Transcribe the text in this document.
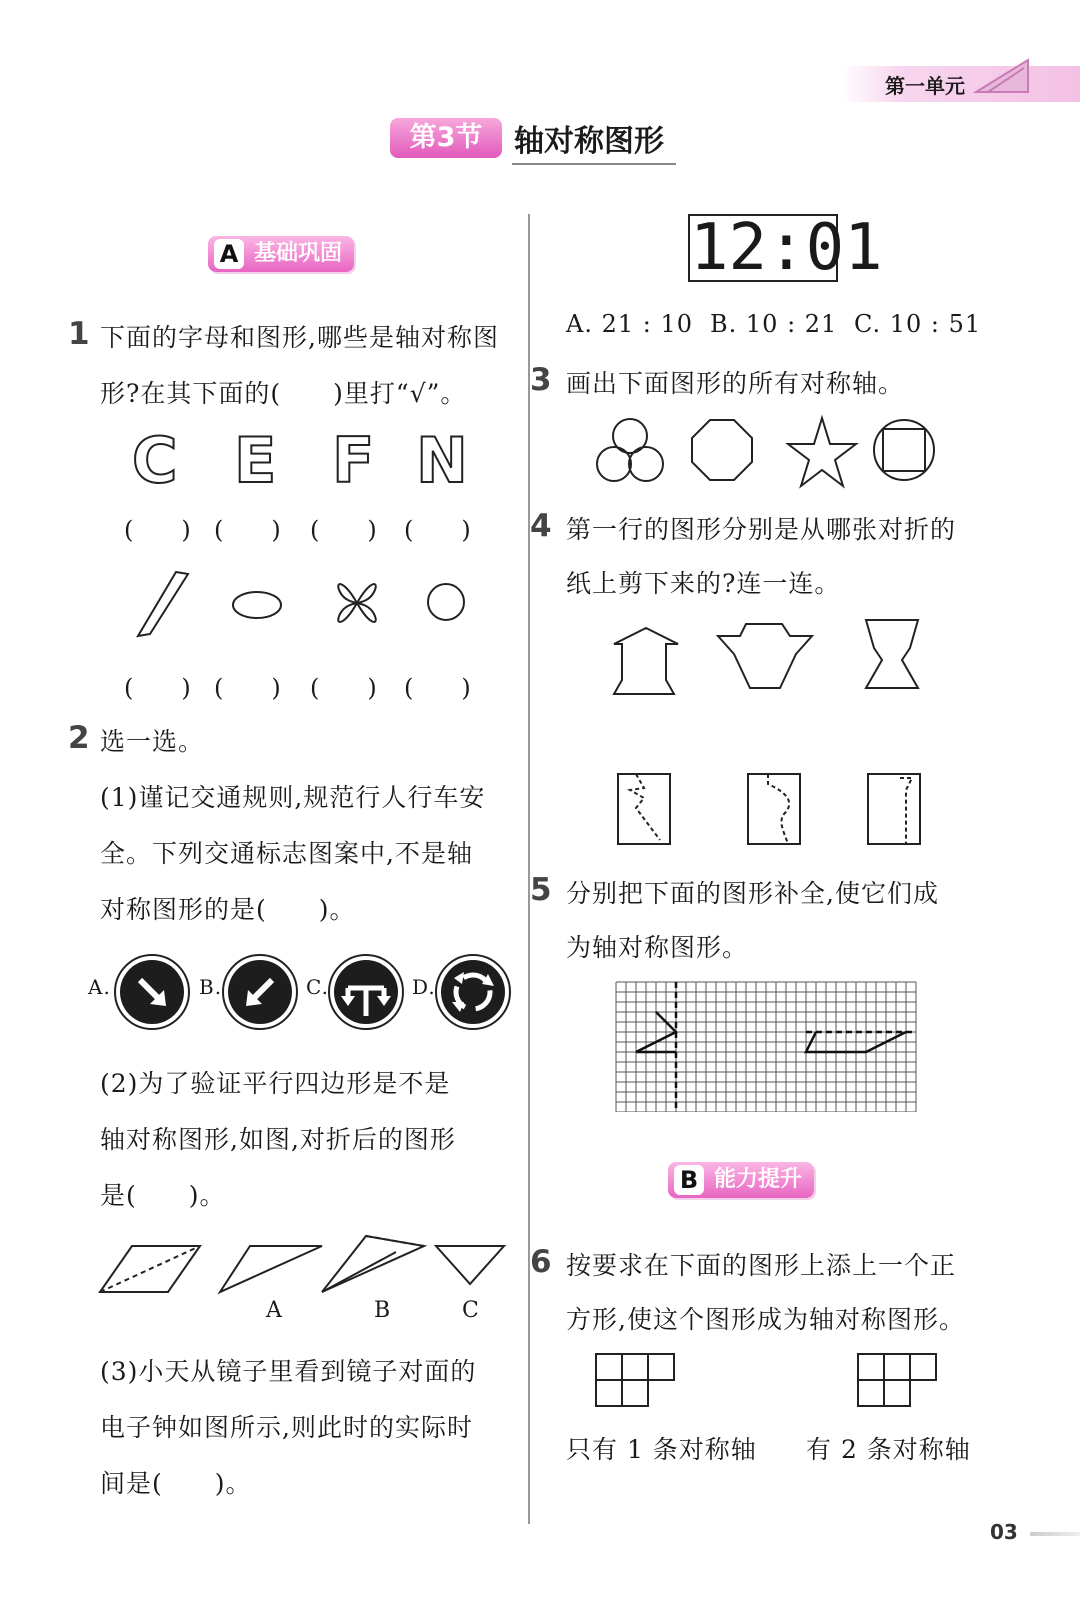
第一单元
第3节	轴对称图形
A 基础巩固
1 下面的字母和图形,哪些是轴对称图
形?在其下面的(　　)里打“√”。
C E F N
(　　) (　　) (　　) (　　)
(　　) (　　) (　　) (　　)
2 选一选。
(1)谨记交通规则,规范行人行车安
全。下列交通标志图案中,不是轴
对称图形的是(　　)。
A.	B.	C.	D.
(2)为了验证平行四边形是不是
轴对称图形,如图,对折后的图形
是(　　)。
A	B	C
(3)小天从镜子里看到镜子对面的
电子钟如图所示,则此时的实际时
间是(　　)。
12:01
A. 21 : 10 B. 10 : 21 C. 10 : 51
3 画出下面图形的所有对称轴。
4 第一行的图形分别是从哪张对折的
纸上剪下来的?连一连。
5 分别把下面的图形补全,使它们成
为轴对称图形。
B 能力提升
6 按要求在下面的图形上添上一个正
方形,使这个图形成为轴对称图形。
只有 1 条对称轴 有 2 条对称轴
03
